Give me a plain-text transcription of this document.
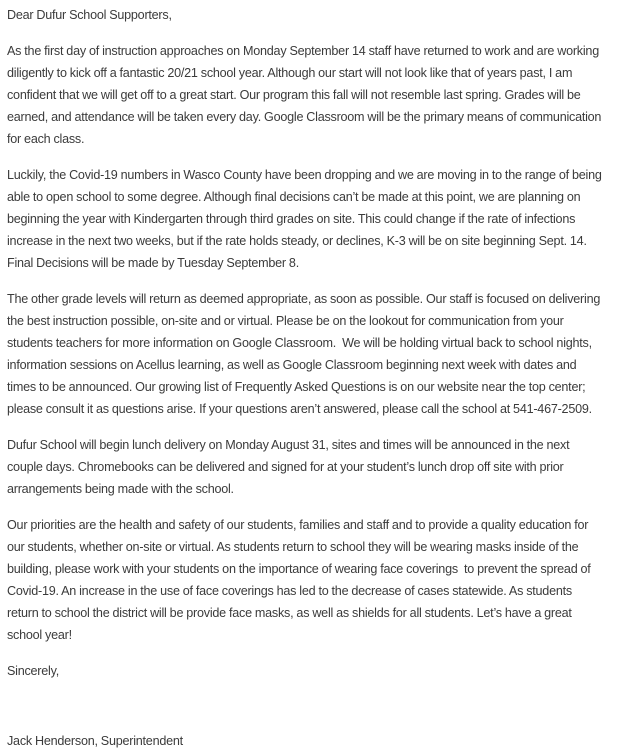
Dear Dufur School Supporters,

As the first day of instruction approaches on Monday September 14 staff have returned to work and are working diligently to kick off a fantastic 20/21 school year. Although our start will not look like that of years past, I am confident that we will get off to a great start. Our program this fall will not resemble last spring. Grades will be earned, and attendance will be taken every day. Google Classroom will be the primary means of communication for each class.

Luckily, the Covid-19 numbers in Wasco County have been dropping and we are moving in to the range of being able to open school to some degree. Although final decisions can’t be made at this point, we are planning on beginning the year with Kindergarten through third grades on site. This could change if the rate of infections increase in the next two weeks, but if the rate holds steady, or declines, K-3 will be on site beginning Sept. 14. Final Decisions will be made by Tuesday September 8.

The other grade levels will return as deemed appropriate, as soon as possible. Our staff is focused on delivering the best instruction possible, on-site and or virtual. Please be on the lookout for communication from your students teachers for more information on Google Classroom.  We will be holding virtual back to school nights, information sessions on Acellus learning, as well as Google Classroom beginning next week with dates and times to be announced. Our growing list of Frequently Asked Questions is on our website near the top center; please consult it as questions arise. If your questions aren’t answered, please call the school at 541-467-2509.

Dufur School will begin lunch delivery on Monday August 31, sites and times will be announced in the next couple days. Chromebooks can be delivered and signed for at your student’s lunch drop off site with prior arrangements being made with the school.

Our priorities are the health and safety of our students, families and staff and to provide a quality education for our students, whether on-site or virtual. As students return to school they will be wearing masks inside of the building, please work with your students on the importance of wearing face coverings  to prevent the spread of Covid-19. An increase in the use of face coverings has led to the decrease of cases statewide. As students return to school the district will be provide face masks, as well as shields for all students. Let’s have a great school year!

Sincerely,

Jack Henderson, Superintendent
